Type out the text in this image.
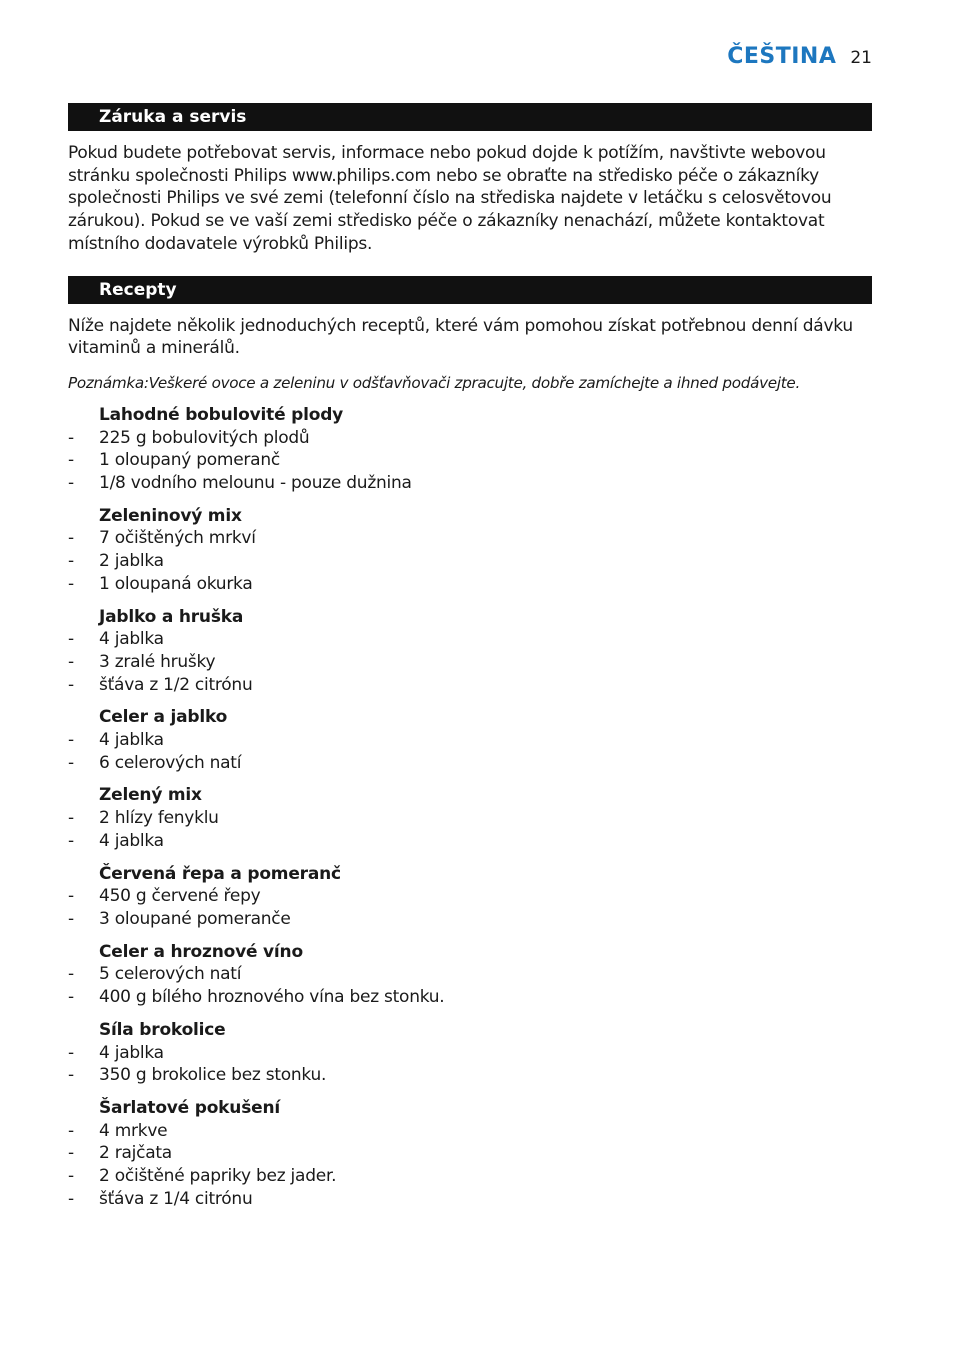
ČEŠTINA 21
Záruka a servis

Pokud budete potřebovat servis, informace nebo pokud dojde k potížím, navštivte webovou stránku společnosti Philips www.philips.com nebo se obraťte na středisko péče o zákazníky společnosti Philips ve své zemi (telefonní číslo na střediska najdete v letáčku s celosvětovou zárukou). Pokud se ve vaší zemi středisko péče o zákazníky nenachází, můžete kontaktovat místního dodavatele výrobků Philips.

Recepty

Níže najdete několik jednoduchých receptů, které vám pomohou získat potřebnou denní dávku vitaminů a minerálů.

Poznámka:Veškeré ovoce a zeleninu v odšťavňovači zpracujte, dobře zamíchejte a ihned podávejte.

Lahodné bobulovité plody
-	225 g bobulovitých plodů
-	1 oloupaný pomeranč
-	1/8 vodního melounu - pouze dužnina
Zeleninový mix
-	7 očištěných mrkví
-	2 jablka
-	1 oloupaná okurka
Jablko a hruška
-	4 jablka
-	3 zralé hrušky
-	šťáva z 1/2 citrónu
Celer a jablko
-	4 jablka
-	6 celerových natí
Zelený mix
-	2 hlízy fenyklu
-	4 jablka
Červená řepa a pomeranč
-	450 g červené řepy
-	3 oloupané pomeranče
Celer a hroznové víno
-	5 celerových natí
-	400 g bílého hroznového vína bez stonku.
Síla brokolice
-	4 jablka
-	350 g brokolice bez stonku.
Šarlatové pokušení
-	4 mrkve
-	2 rajčata
-	2 očištěné papriky bez jader.
-	šťáva z 1/4 citrónu
